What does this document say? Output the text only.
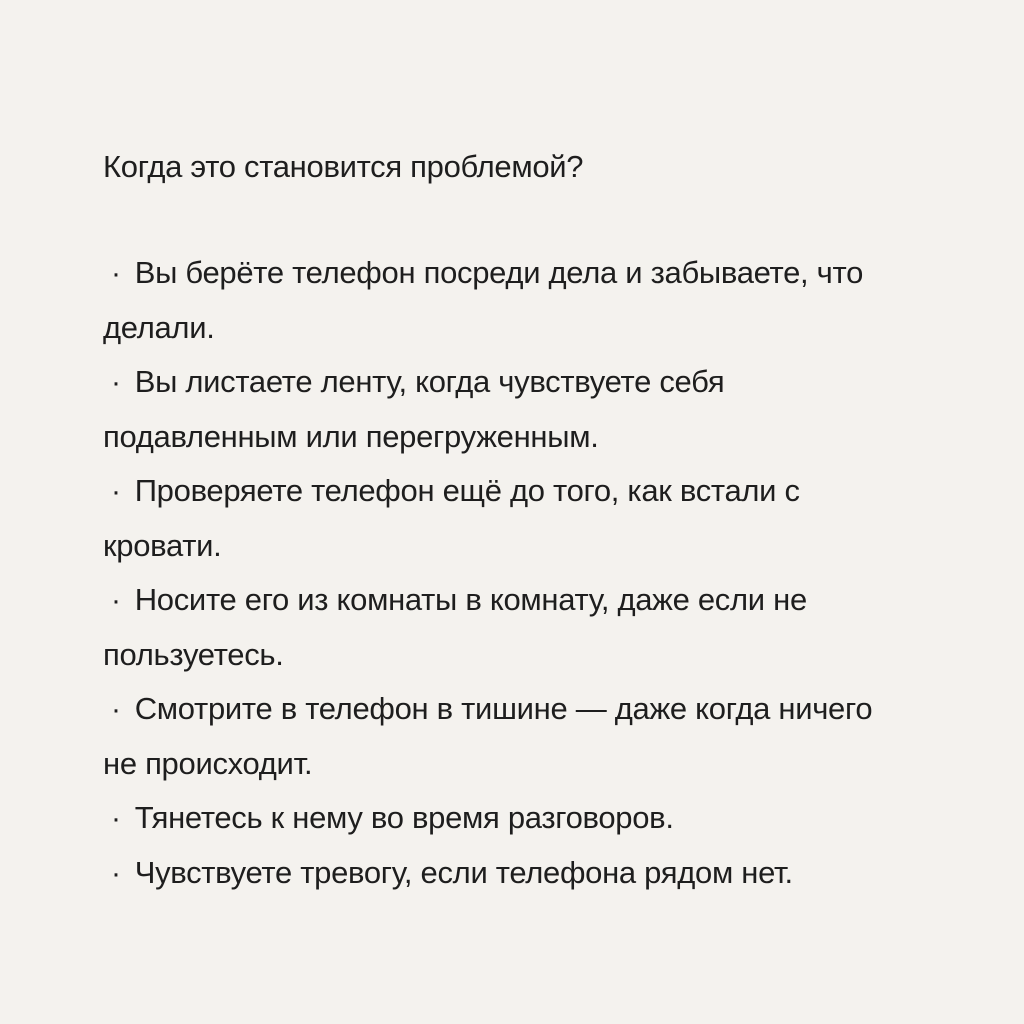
Когда это становится проблемой?
· Вы берёте телефон посреди дела и забываете, что делали.
· Вы листаете ленту, когда чувствуете себя подавленным или перегруженным.
· Проверяете телефон ещё до того, как встали с кровати.
· Носите его из комнаты в комнату, даже если не пользуетесь.
· Смотрите в телефон в тишине — даже когда ничего не происходит.
· Тянетесь к нему во время разговоров.
· Чувствуете тревогу, если телефона рядом нет.
